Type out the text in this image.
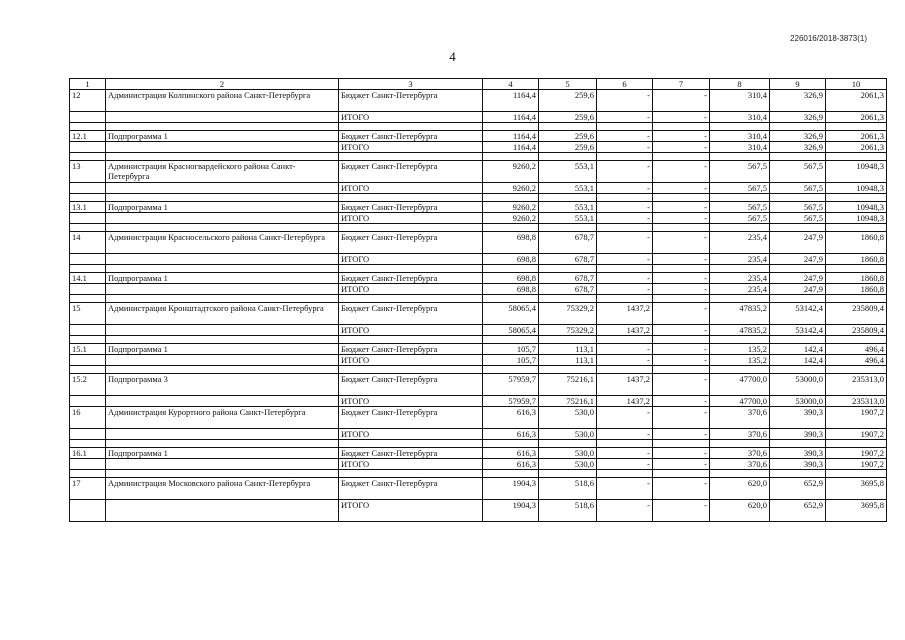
226016/2018-3873(1)
4
1	2	3	4	5	6	7	8	9	10
12	Администрация Колпинского района Санкт-Петербурга	Бюджет Санкт-Петербурга	1164,4	259,6	-	-	310,4	326,9	2061,3
		ИТОГО	1164,4	259,6	-	-	310,4	326,9	2061,3

12.1	Подпрограмма 1	Бюджет Санкт-Петербурга	1164,4	259,6	-	-	310,4	326,9	2061,3
		ИТОГО	1164,4	259,6	-	-	310,4	326,9	2061,3

13	Администрация Красногвардейского района Санкт-Петербурга	Бюджет Санкт-Петербурга	9260,2	553,1	-	-	567,5	567,5	10948,3
		ИТОГО	9260,2	553,1	-	-	567,5	567,5	10948,3

13.1	Подпрограмма 1	Бюджет Санкт-Петербурга	9260,2	553,1	-	-	567,5	567,5	10948,3
		ИТОГО	9260,2	553,1	-	-	567,5	567,5	10948,3

14	Администрация Красносельского района Санкт-Петербурга	Бюджет Санкт-Петербурга	698,8	678,7	-	-	235,4	247,9	1860,8
		ИТОГО	698,8	678,7	-	-	235,4	247,9	1860,8

14.1	Подпрограмма 1	Бюджет Санкт-Петербурга	698,8	678,7	-	-	235,4	247,9	1860,8
		ИТОГО	698,8	678,7	-	-	235,4	247,9	1860,8

15	Администрация Кронштадтского района Санкт-Петербурга	Бюджет Санкт-Петербурга	58065,4	75329,2	1437,2	-	47835,2	53142,4	235809,4
		ИТОГО	58065,4	75329,2	1437,2	-	47835,2	53142,4	235809,4

15.1	Подпрограмма 1	Бюджет Санкт-Петербурга	105,7	113,1	-	-	135,2	142,4	496,4
		ИТОГО	105,7	113,1	-	-	135,2	142,4	496,4

15.2	Подпрограмма 3	Бюджет Санкт-Петербурга	57959,7	75216,1	1437,2	-	47700,0	53000,0	235313,0
		ИТОГО	57959,7	75216,1	1437,2	-	47700,0	53000,0	235313,0
16	Администрация Курортного района Санкт-Петербурга	Бюджет Санкт-Петербурга	616,3	530,0	-	-	370,6	390,3	1907,2
		ИТОГО	616,3	530,0	-	-	370,6	390,3	1907,2

16.1	Подпрограмма 1	Бюджет Санкт-Петербурга	616,3	530,0	-	-	370,6	390,3	1907,2
		ИТОГО	616,3	530,0	-	-	370,6	390,3	1907,2

17	Администрация Московского района Санкт-Петербурга	Бюджет Санкт-Петербурга	1904,3	518,6	-	-	620,0	652,9	3695,8
		ИТОГО	1904,3	518,6	-	-	620,0	652,9	3695,8
